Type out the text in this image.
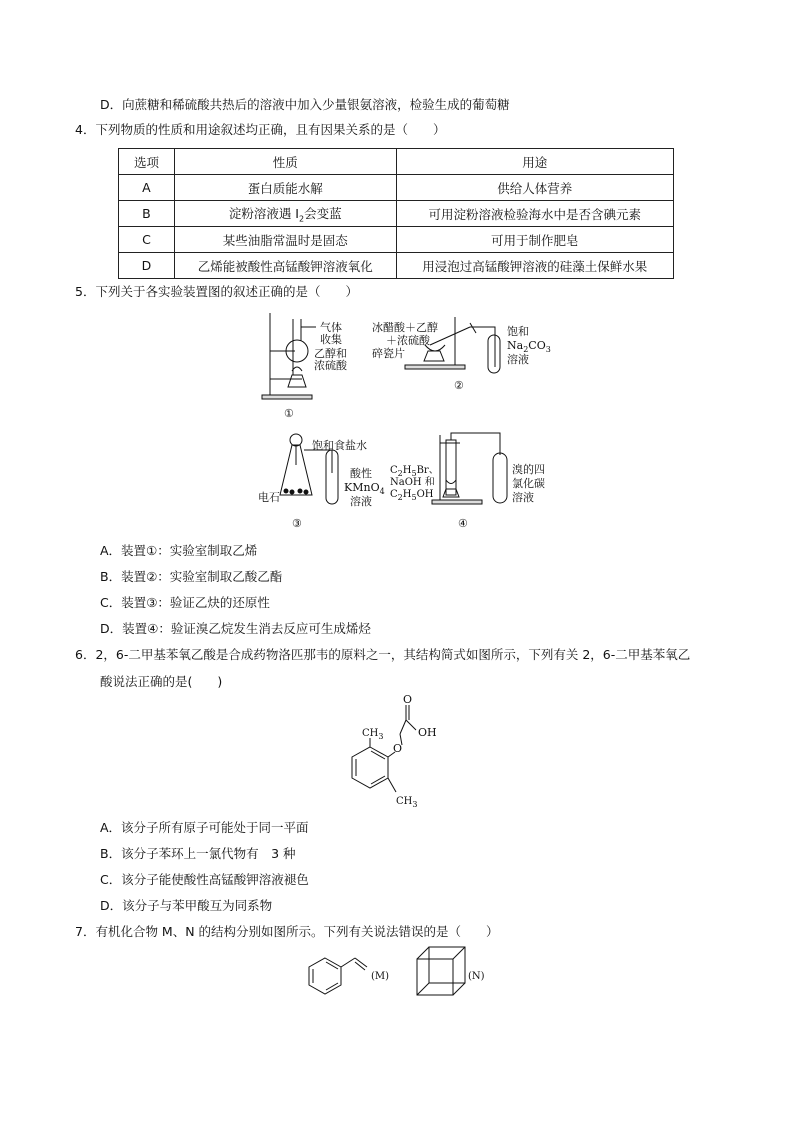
D．向蔗糖和稀硫酸共热后的溶液中加入少量银氨溶液，检验生成的葡萄糖
4．下列物质的性质和用途叙述均正确，且有因果关系的是（　　）
选项	性质	用途
A	蛋白质能水解	供给人体营养
B	淀粉溶液遇 $I_2$会变蓝	可用淀粉溶液检验海水中是否含碘元素
C	某些油脂常温时是固态	可用于制作肥皂
D	乙烯能被酸性高锰酸钾溶液氧化	用浸泡过高锰酸钾溶液的硅藻土保鲜水果
5．下列关于各实验装置图的叙述正确的是（　　）
气体
收集
乙醇和
浓硫酸
①
冰醋酸＋乙醇
＋浓硫酸
碎瓷片
饱和
$Na_2CO_3$
溶液
②
饱和食盐水
电石
酸性
KMnO$_4$
溶液
③
$C_2H_5Br$、
NaOH 和
$C_2H_5OH$
溴的四
氯化碳
溶液
④
A．装置①：实验室制取乙烯
B．装置②：实验室制取乙酸乙酯
C．装置③：验证乙炔的还原性
D．装置④：验证溴乙烷发生消去反应可生成烯烃
6．2，6-二甲基苯氧乙酸是合成药物洛匹那韦的原料之一，其结构简式如图所示，下列有关 2，6-二甲基苯氧乙
酸说法正确的是(　　)
O
OH
O
$CH_3$
$CH_3$
A．该分子所有原子可能处于同一平面
B．该分子苯环上一氯代物有　3 种
C．该分子能使酸性高锰酸钾溶液褪色
D．该分子与苯甲酸互为同系物
7．有机化合物 M、N 的结构分别如图所示。下列有关说法错误的是（　　）
(M)	(N)
